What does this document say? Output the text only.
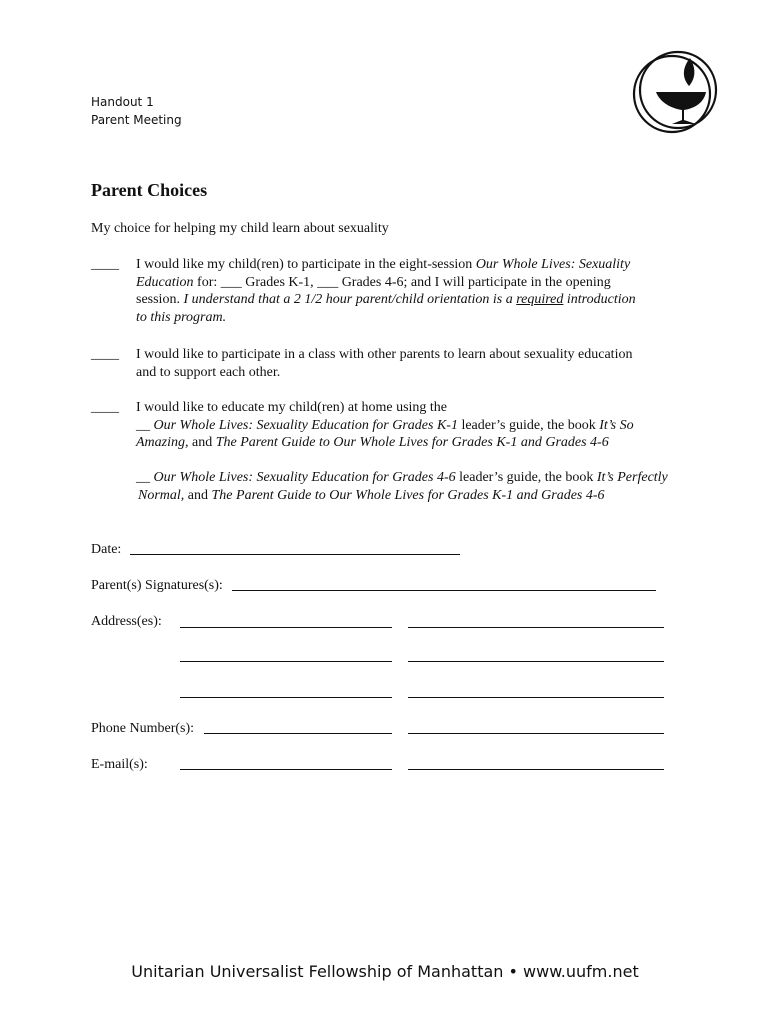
Handout 1
Parent Meeting
Parent Choices
My choice for helping my child learn about sexuality
____ I would like my child(ren) to participate in the eight-session Our Whole Lives: Sexuality
Education for: ___ Grades K-1, ___ Grades 4-6; and I will participate in the opening
session. I understand that a 2 1/2 hour parent/child orientation is a required introduction
to this program.
____ I would like to participate in a class with other parents to learn about sexuality education
and to support each other.
____ I would like to educate my child(ren) at home using the
__ Our Whole Lives: Sexuality Education for Grades K-1 leader’s guide, the book It’s So
Amazing, and The Parent Guide to Our Whole Lives for Grades K-1 and Grades 4-6
__ Our Whole Lives: Sexuality Education for Grades 4-6 leader’s guide, the book It’s Perfectly
Normal, and The Parent Guide to Our Whole Lives for Grades K-1 and Grades 4-6
Date:
Parent(s) Signatures(s):
Address(es):
Phone Number(s):
E-mail(s):
Unitarian Universalist Fellowship of Manhattan • www.uufm.net
